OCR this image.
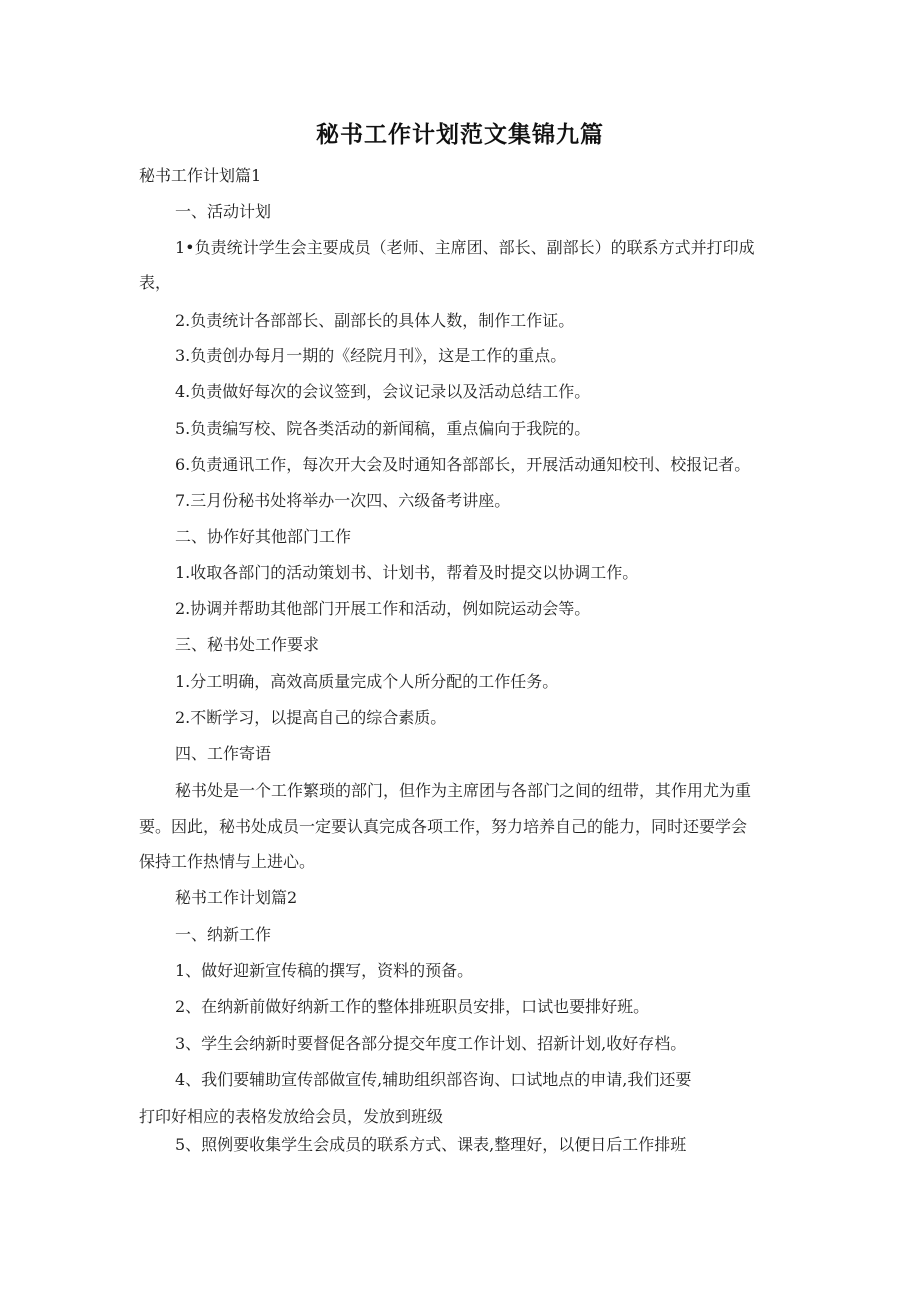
秘书工作计划范文集锦九篇
秘书工作计划篇1
一、活动计划
1•负责统计学生会主要成员（老师、主席团、部长、副部长）的联系方式并打印成
表，
2.负责统计各部部长、副部长的具体人数，制作工作证。
3.负责创办每月一期的《经院月刊》，这是工作的重点。
4.负责做好每次的会议签到，会议记录以及活动总结工作。
5.负责编写校、院各类活动的新闻稿，重点偏向于我院的。
6.负责通讯工作，每次开大会及时通知各部部长，开展活动通知校刊、校报记者。
7.三月份秘书处将举办一次四、六级备考讲座。
二、协作好其他部门工作
1.收取各部门的活动策划书、计划书，帮着及时提交以协调工作。
2.协调并帮助其他部门开展工作和活动，例如院运动会等。
三、秘书处工作要求
1.分工明确，高效高质量完成个人所分配的工作任务。
2.不断学习，以提高自己的综合素质。
四、工作寄语
秘书处是一个工作繁琐的部门，但作为主席团与各部门之间的纽带，其作用尤为重
要。因此，秘书处成员一定要认真完成各项工作，努力培养自己的能力，同时还要学会
保持工作热情与上进心。
秘书工作计划篇2
一、纳新工作
1、做好迎新宣传稿的撰写，资料的预备。
2、在纳新前做好纳新工作的整体排班职员安排，口试也要排好班。
3、学生会纳新时要督促各部分提交年度工作计划、招新计划,收好存档。
4、我们要辅助宣传部做宣传,辅助组织部咨询、口试地点的申请,我们还要
打印好相应的表格发放给会员，发放到班级
5、照例要收集学生会成员的联系方式、课表,整理好，以便日后工作排班
